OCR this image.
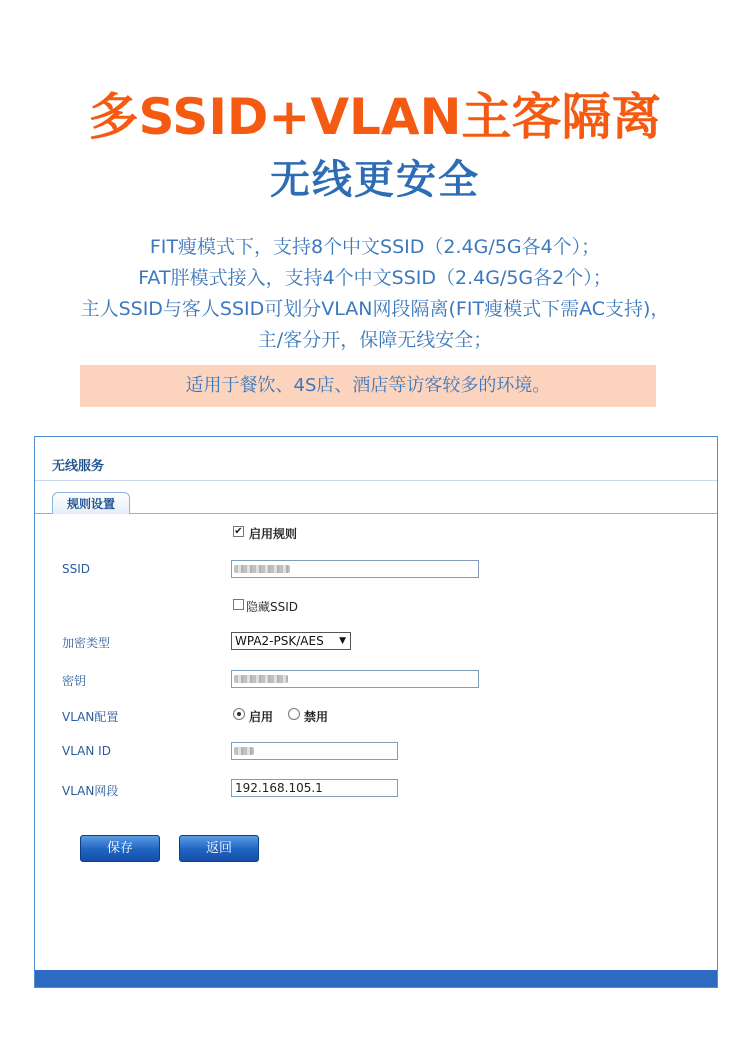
多SSID+VLAN主客隔离
无线更安全
FIT瘦模式下，支持8个中文SSID（2.4G/5G各4个）；
FAT胖模式接入，支持4个中文SSID（2.4G/5G各2个）；
主人SSID与客人SSID可划分VLAN网段隔离(FIT瘦模式下需AC支持)，
主/客分开，保障无线安全；
适用于餐饮、4S店、酒店等访客较多的环境。
无线服务
规则设置
✔ 启用规则
SSID
隐藏SSID
加密类型	WPA2-PSK/AES ▼
密钥
VLAN配置	启用	禁用
VLAN ID
VLAN网段	192.168.105.1
保存	返回
